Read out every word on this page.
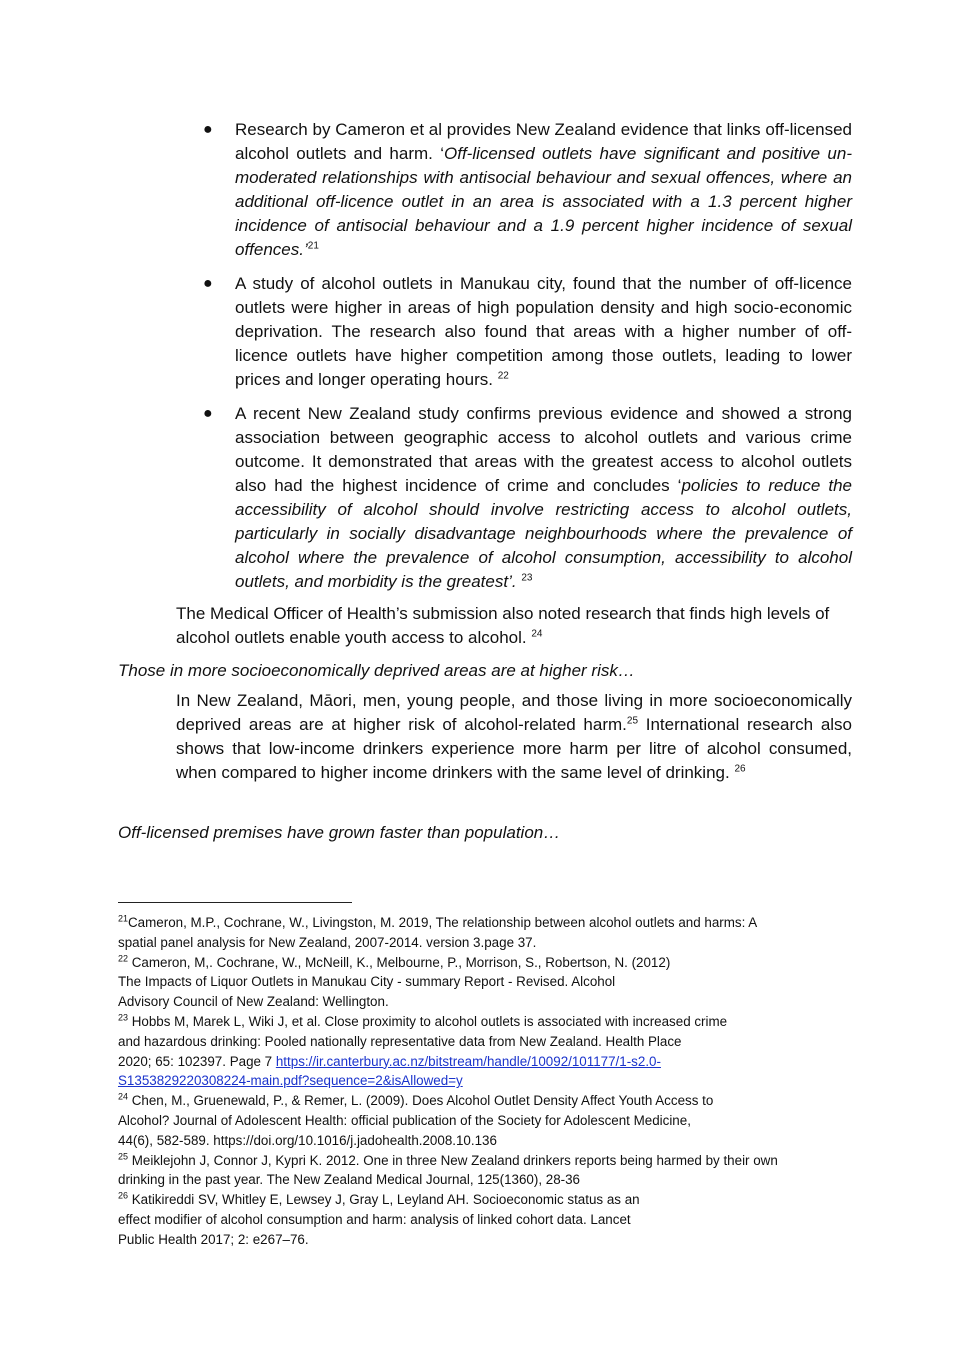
● Research by Cameron et al provides New Zealand evidence that links off-licensed alcohol outlets and harm. ‘Off-licensed outlets have significant and positive un-moderated relationships with antisocial behaviour and sexual offences, where an additional off-licence outlet in an area is associated with a 1.3 percent higher incidence of antisocial behaviour and a 1.9 percent higher incidence of sexual offences.’$^{21}$
● A study of alcohol outlets in Manukau city, found that the number of off-licence outlets were higher in areas of high population density and high socio-economic deprivation. The research also found that areas with a higher number of off-licence outlets have higher competition among those outlets, leading to lower prices and longer operating hours. $^{22}$
● A recent New Zealand study confirms previous evidence and showed a strong association between geographic access to alcohol outlets and various crime outcome. It demonstrated that areas with the greatest access to alcohol outlets also had the highest incidence of crime and concludes ‘policies to reduce the accessibility of alcohol should involve restricting access to alcohol outlets, particularly in socially disadvantage neighbourhoods where the prevalence of alcohol where the prevalence of alcohol consumption, accessibility to alcohol outlets, and morbidity is the greatest’. $^{23}$

The Medical Officer of Health’s submission also noted research that finds high levels of alcohol outlets enable youth access to alcohol. $^{24}$

Those in more socioeconomically deprived areas are at higher risk…

In New Zealand, Māori, men, young people, and those living in more socioeconomically deprived areas are at higher risk of alcohol-related harm.$^{25}$ International research also shows that low-income drinkers experience more harm per litre of alcohol consumed, when compared to higher income drinkers with the same level of drinking. $^{26}$

Off-licensed premises have grown faster than population…

$^{21}$Cameron, M.P., Cochrane, W., Livingston, M. 2019, The relationship between alcohol outlets and harms: A
spatial panel analysis for New Zealand, 2007-2014. version 3.page 37.

$^{22}$ Cameron, M,. Cochrane, W., McNeill, K., Melbourne, P., Morrison, S., Robertson, N. (2012)
The Impacts of Liquor Outlets in Manukau City - summary Report - Revised. Alcohol
Advisory Council of New Zealand: Wellington.

$^{23}$ Hobbs M, Marek L, Wiki J, et al. Close proximity to alcohol outlets is associated with increased crime
and hazardous drinking: Pooled nationally representative data from New Zealand. Health Place
2020; 65: 102397. Page 7 https://ir.canterbury.ac.nz/bitstream/handle/10092/101177/1-s2.0-
S1353829220308224-main.pdf?sequence=2&isAllowed=y

$^{24}$ Chen, M., Gruenewald, P., & Remer, L. (2009). Does Alcohol Outlet Density Affect Youth Access to
Alcohol? Journal of Adolescent Health: official publication of the Society for Adolescent Medicine,
44(6), 582-589. https://doi.org/10.1016/j.jadohealth.2008.10.136

$^{25}$ Meiklejohn J, Connor J, Kypri K. 2012. One in three New Zealand drinkers reports being harmed by their own
drinking in the past year. The New Zealand Medical Journal, 125(1360), 28-36

$^{26}$ Katikireddi SV, Whitley E, Lewsey J, Gray L, Leyland AH. Socioeconomic status as an
effect modifier of alcohol consumption and harm: analysis of linked cohort data. Lancet
Public Health 2017; 2: e267–76.
